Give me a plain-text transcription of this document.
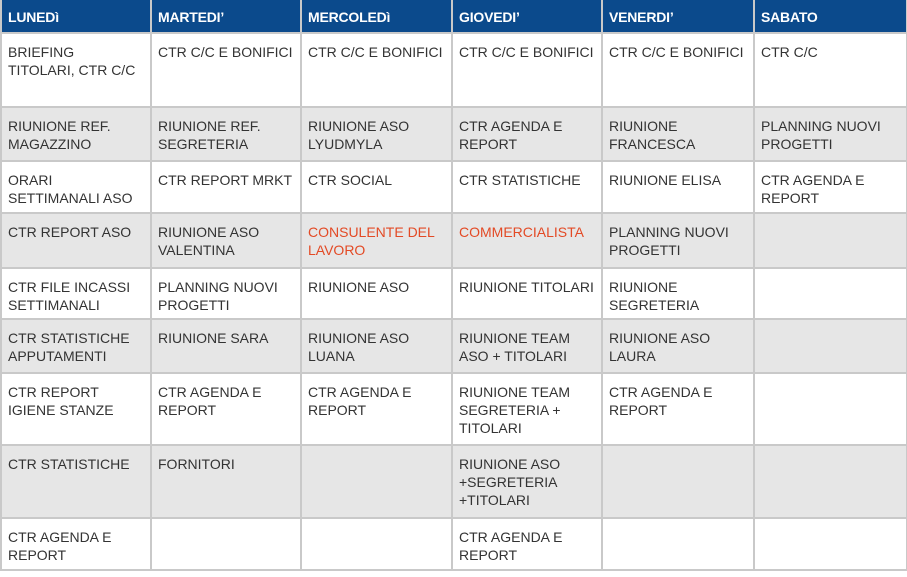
LUNEDì	MARTEDI’	MERCOLEDì	GIOVEDI’	VENERDI’	SABATO
BRIEFING TITOLARI, CTR C/C	CTR C/C E BONIFICI	CTR C/C E BONIFICI	CTR C/C E BONIFICI	CTR C/C E BONIFICI	CTR C/C
RIUNIONE REF. MAGAZZINO	RIUNIONE REF. SEGRETERIA	RIUNIONE ASO LYUDMYLA	CTR AGENDA E REPORT	RIUNIONE FRANCESCA	PLANNING NUOVI PROGETTI
ORARI SETTIMANALI ASO	CTR REPORT MRKT	CTR SOCIAL	CTR STATISTICHE	RIUNIONE ELISA	CTR AGENDA E REPORT
CTR REPORT ASO	RIUNIONE ASO VALENTINA	CONSULENTE DEL LAVORO	COMMERCIALISTA	PLANNING NUOVI PROGETTI	
CTR FILE INCASSI SETTIMANALI	PLANNING NUOVI PROGETTI	RIUNIONE ASO	RIUNIONE TITOLARI	RIUNIONE SEGRETERIA	
CTR STATISTICHE APPUTAMENTI	RIUNIONE SARA	RIUNIONE ASO LUANA	RIUNIONE TEAM ASO + TITOLARI	RIUNIONE ASO LAURA	
CTR REPORT IGIENE STANZE	CTR AGENDA E REPORT	CTR AGENDA E REPORT	RIUNIONE TEAM SEGRETERIA + TITOLARI	CTR AGENDA E REPORT	
CTR STATISTICHE	FORNITORI		RIUNIONE ASO +SEGRETERIA +TITOLARI		
CTR AGENDA E REPORT			CTR AGENDA E REPORT		
